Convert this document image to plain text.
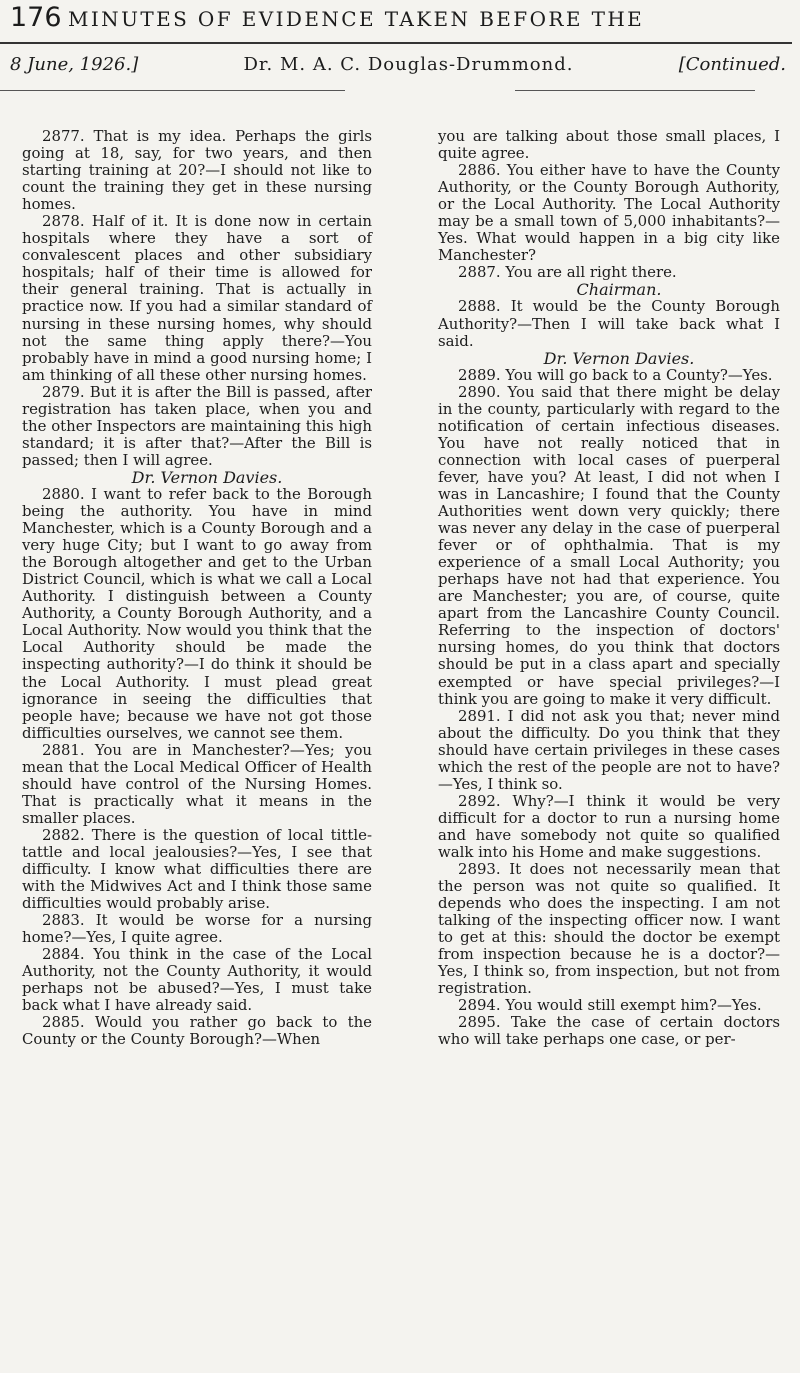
176 MINUTES OF EVIDENCE TAKEN BEFORE THE
8 June, 1926.]	Dr. M. A. C. Douglas-Drummond.	[Continued.

2877. That is my idea. Perhaps the girls going at 18, say, for two years, and then starting training at 20?—I should not like to count the training they get in these nursing homes.

2878. Half of it. It is done now in certain hospitals where they have a sort of convalescent places and other subsidiary hospitals; half of their time is allowed for their general training. That is actually in practice now. If you had a similar standard of nursing in these nursing homes, why should not the same thing apply there?—You probably have in mind a good nursing home; I am thinking of all these other nursing homes.

2879. But it is after the Bill is passed, after registration has taken place, when you and the other Inspectors are maintaining this high standard; it is after that?—After the Bill is passed; then I will agree.

Dr. Vernon Davies.

2880. I want to refer back to the Borough being the authority. You have in mind Manchester, which is a County Borough and a very huge City; but I want to go away from the Borough altogether and get to the Urban District Council, which is what we call a Local Authority. I distinguish between a County Authority, a County Borough Authority, and a Local Authority. Now would you think that the Local Authority should be made the inspecting authority?—I do think it should be the Local Authority. I must plead great ignorance in seeing the difficulties that people have; because we have not got those difficulties ourselves, we cannot see them.

2881. You are in Manchester?—Yes; you mean that the Local Medical Officer of Health should have control of the Nursing Homes. That is practically what it means in the smaller places.

2882. There is the question of local tittle-tattle and local jealousies?—Yes, I see that difficulty. I know what difficulties there are with the Midwives Act and I think those same difficulties would probably arise.

2883. It would be worse for a nursing home?—Yes, I quite agree.

2884. You think in the case of the Local Authority, not the County Authority, it would perhaps not be abused?—Yes, I must take back what I have already said.

2885. Would you rather go back to the County or the County Borough?—When

you are talking about those small places, I quite agree.

2886. You either have to have the County Authority, or the County Borough Authority, or the Local Authority. The Local Authority may be a small town of 5,000 inhabitants?—Yes. What would happen in a big city like Manchester?

2887. You are all right there.

Chairman.

2888. It would be the County Borough Authority?—Then I will take back what I said.

Dr. Vernon Davies.

2889. You will go back to a County?—Yes.

2890. You said that there might be delay in the county, particularly with regard to the notification of certain infectious diseases. You have not really noticed that in connection with local cases of puerperal fever, have you? At least, I did not when I was in Lancashire; I found that the County Authorities went down very quickly; there was never any delay in the case of puerperal fever or of ophthalmia. That is my experience of a small Local Authority; you perhaps have not had that experience. You are Manchester; you are, of course, quite apart from the Lancashire County Council. Referring to the inspection of doctors' nursing homes, do you think that doctors should be put in a class apart and specially exempted or have special privileges?—I think you are going to make it very difficult.

2891. I did not ask you that; never mind about the difficulty. Do you think that they should have certain privileges in these cases which the rest of the people are not to have?—Yes, I think so.

2892. Why?—I think it would be very difficult for a doctor to run a nursing home and have somebody not quite so qualified walk into his Home and make suggestions.

2893. It does not necessarily mean that the person was not quite so qualified. It depends who does the inspecting. I am not talking of the inspecting officer now. I want to get at this: should the doctor be exempt from inspection because he is a doctor?—Yes, I think so, from inspection, but not from registration.

2894. You would still exempt him?—Yes.

2895. Take the case of certain doctors who will take perhaps one case, or per-
